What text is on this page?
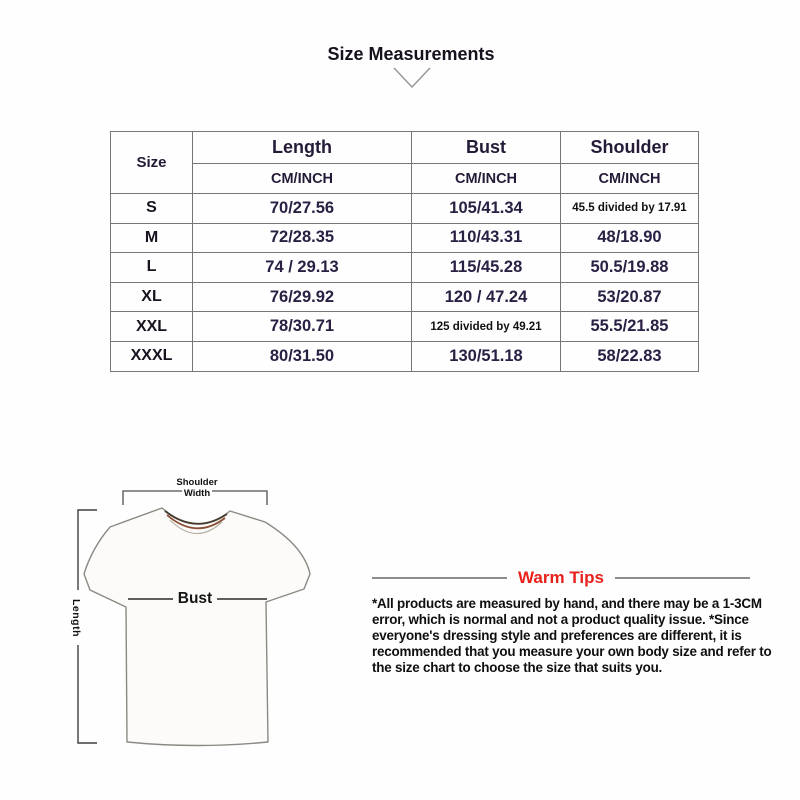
Size Measurements
Size	Length	Bust	Shoulder
	CM/INCH	CM/INCH	CM/INCH
S	70/27.56	105/41.34	45.5 divided by 17.91
M	72/28.35	110/43.31	48/18.90
L	74 / 29.13	115/45.28	50.5/19.88
XL	76/29.92	120 / 47.24	53/20.87
XXL	78/30.71	125 divided by 49.21	55.5/21.85
XXXL	80/31.50	130/51.18	58/22.83
Shoulder
Width
Length
Bust
Warm Tips
*All products are measured by hand, and there may be a 1-3CM error, which is normal and not a product quality issue. *Since everyone's dressing style and preferences are different, it is recommended that you measure your own body size and refer to the size chart to choose the size that suits you.
